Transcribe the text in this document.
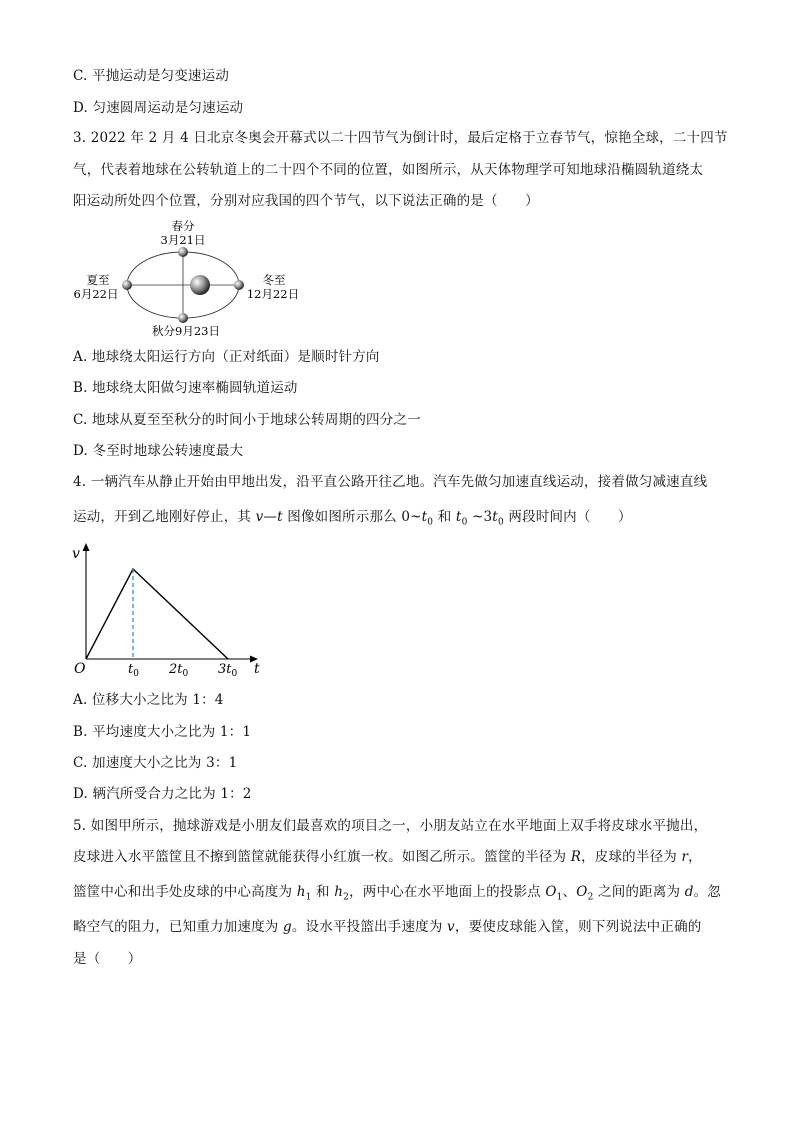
C. 平抛运动是匀变速运动
D. 匀速圆周运动是匀速运动
3. 2022 年 2 月 4 日北京冬奥会开幕式以二十四节气为倒计时，最后定格于立春节气，惊艳全球，二十四节
气，代表着地球在公转轨道上的二十四个不同的位置，如图所示，从天体物理学可知地球沿椭圆轨道绕太
阳运动所处四个位置，分别对应我国的四个节气，以下说法正确的是（　　）
春分
3月21日
夏至
6月22日
冬至
12月22日
秋分9月23日
A. 地球绕太阳运行方向（正对纸面）是顺时针方向
B. 地球绕太阳做匀速率椭圆轨道运动
C. 地球从夏至至秋分的时间小于地球公转周期的四分之一
D. 冬至时地球公转速度最大
4. 一辆汽车从静止开始由甲地出发，沿平直公路开往乙地。汽车先做匀加速直线运动，接着做匀减速直线
运动，开到乙地刚好停止，其 v—t 图像如图所示那么 $0\sim t_0$ 和 $t_0$ $\sim 3t_0$ 两段时间内（　　）
v
t
O	$t_0$ $2t_0$ $3t_0$
A. 位移大小之比为 1：4
B. 平均速度大小之比为 1：1
C. 加速度大小之比为 3：1
D. 辆汽所受合力之比为 1：2
5. 如图甲所示，抛球游戏是小朋友们最喜欢的项目之一，小朋友站立在水平地面上双手将皮球水平抛出，
皮球进入水平篮筐且不擦到篮筐就能获得小红旗一枚。如图乙所示。篮筐的半径为 R，皮球的半径为 r，
篮筐中心和出手处皮球的中心高度为 $h_1$ 和 $h_2$，两中心在水平地面上的投影点 $O_1$、$O_2$ 之间的距离为 d。忽
略空气的阻力，已知重力加速度为 g。设水平投篮出手速度为 v，要使皮球能入筐，则下列说法中正确的
是（　　）
